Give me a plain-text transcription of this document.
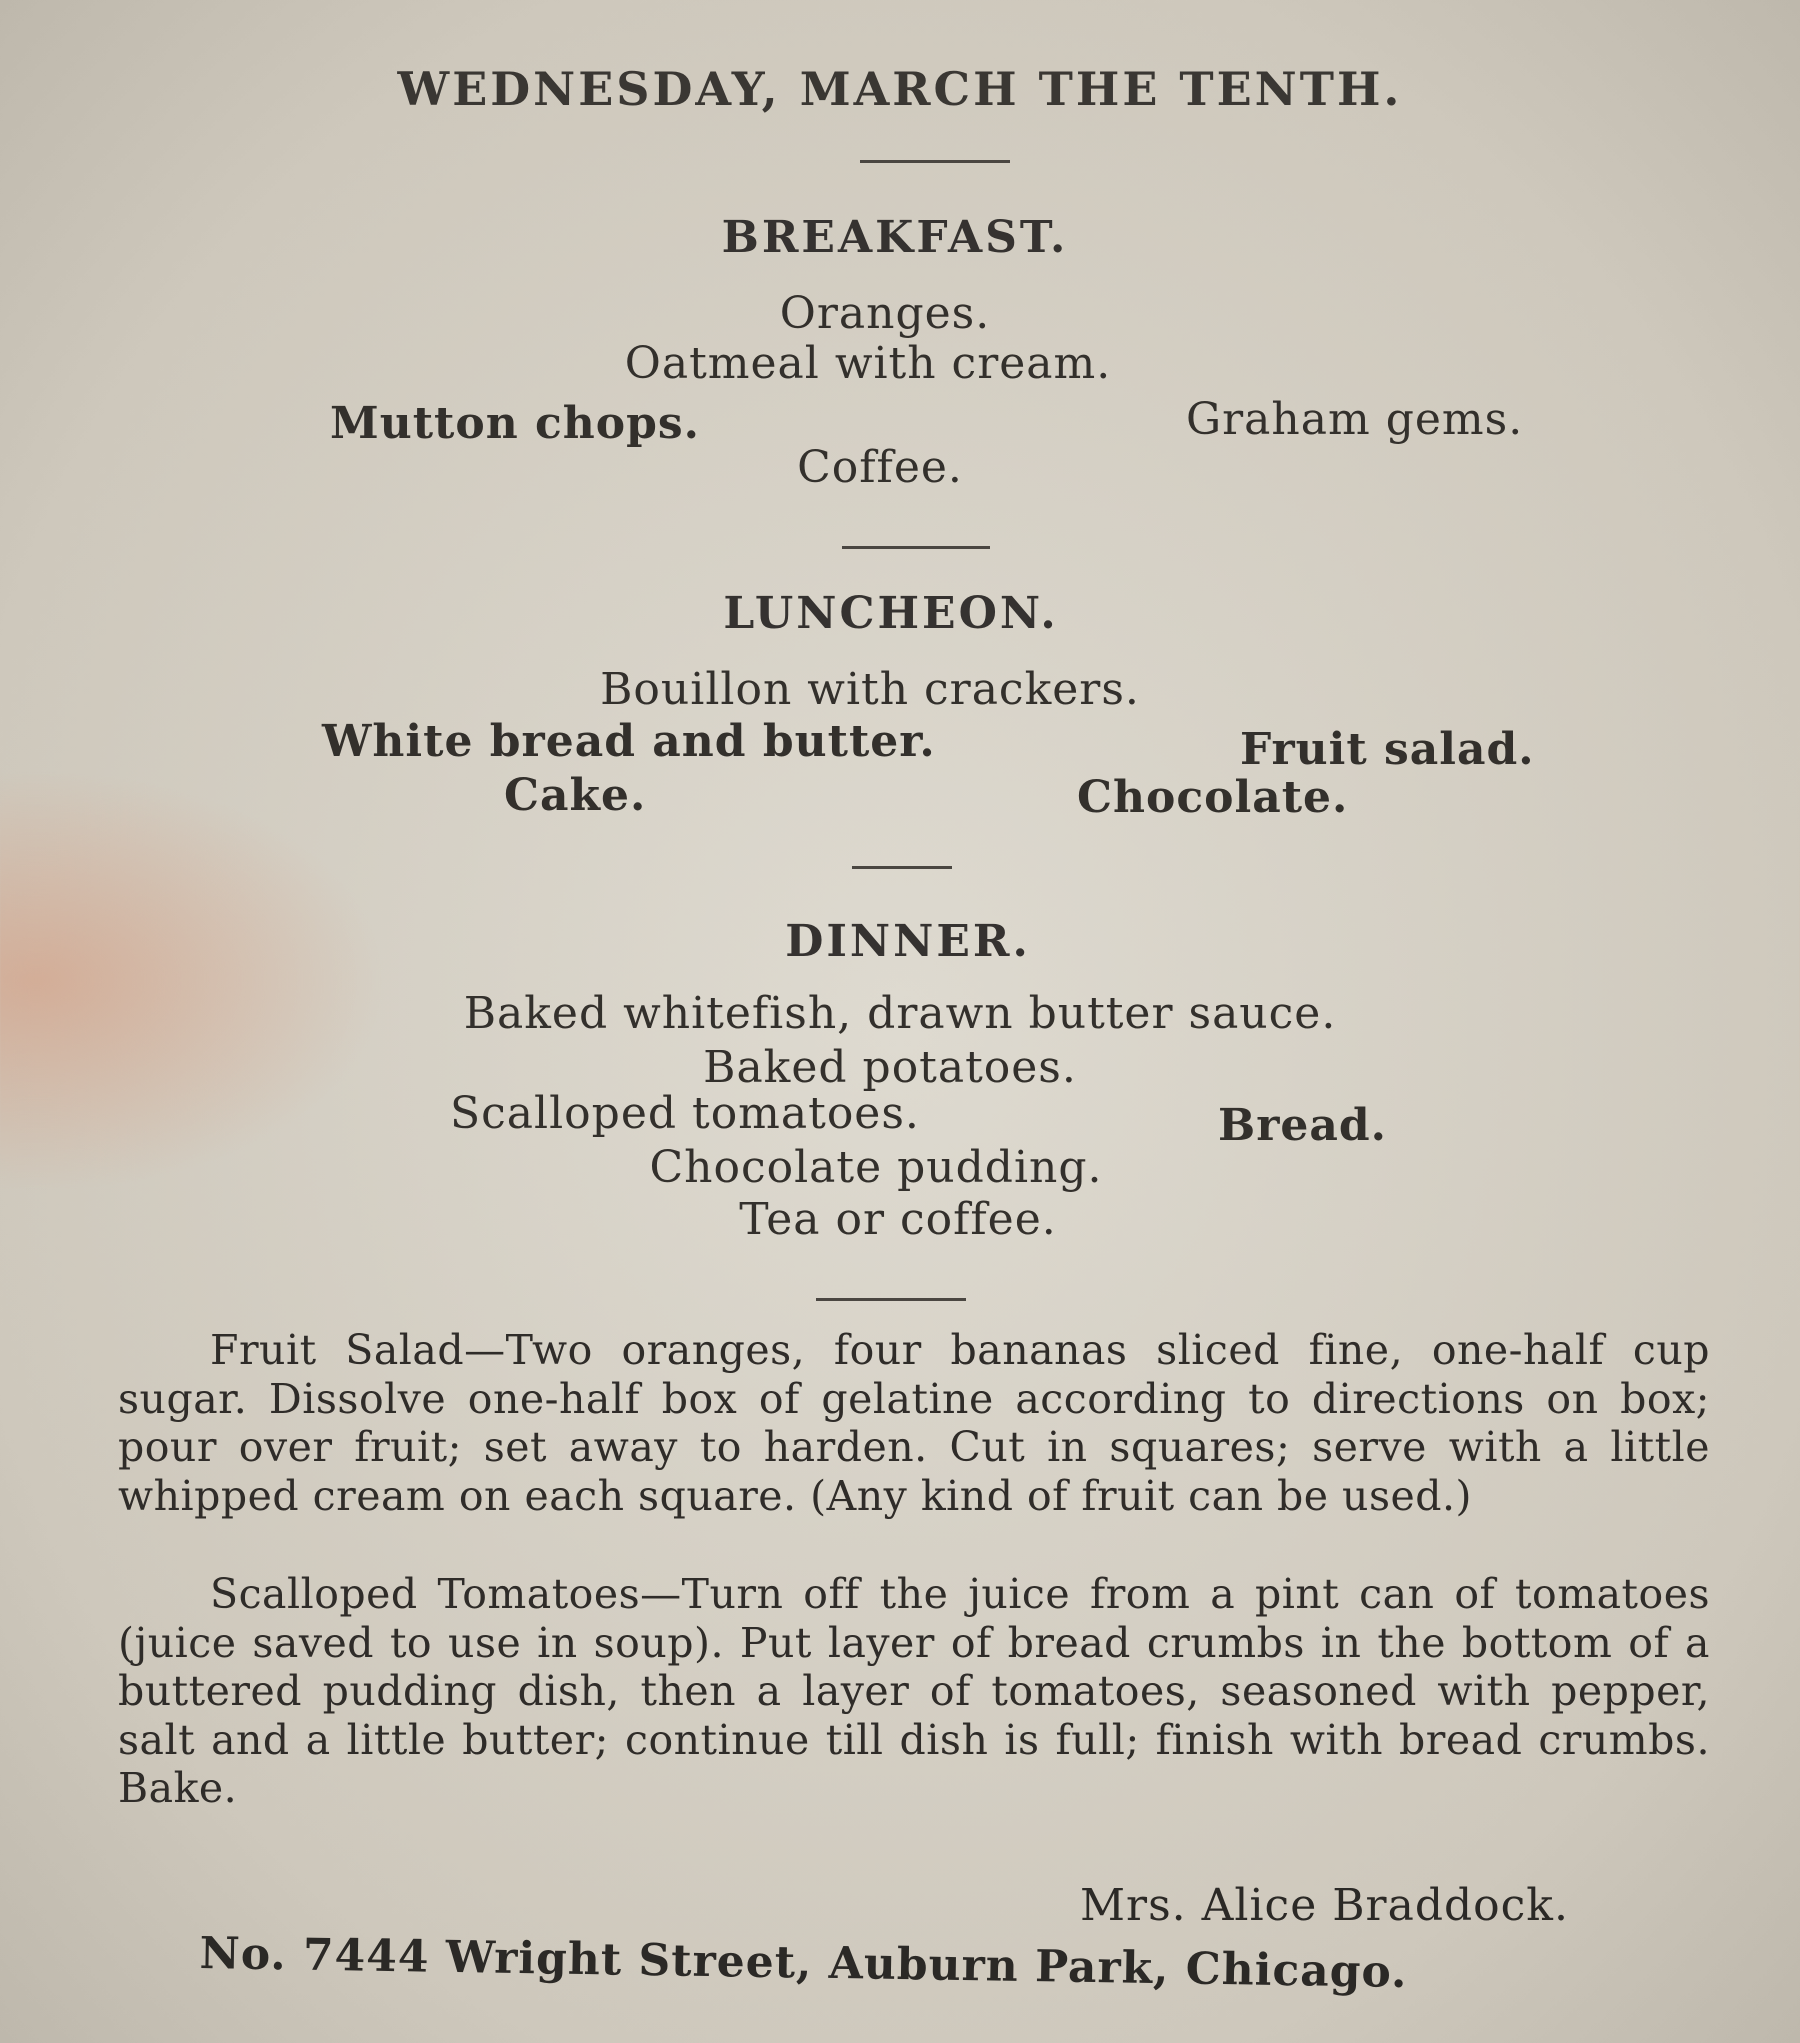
WEDNESDAY, MARCH THE TENTH.
BREAKFAST.
Oranges.
Oatmeal with cream.
Mutton chops.	Graham gems.
Coffee.
LUNCHEON.
Bouillon with crackers.
White bread and butter.	Fruit salad.
Cake.	Chocolate.
DINNER.
Baked whitefish, drawn butter sauce.
Baked potatoes.
Scalloped tomatoes.	Bread.
Chocolate pudding.
Tea or coffee.
Fruit Salad—Two oranges, four bananas sliced fine, one-half cup sugar. Dissolve one-half box of gelatine according to directions on box; pour over fruit; set away to harden. Cut in squares; serve with a little whipped cream on each square. (Any kind of fruit can be used.)
Scalloped Tomatoes—Turn off the juice from a pint can of tomatoes (juice saved to use in soup). Put layer of bread crumbs in the bottom of a buttered pudding dish, then a layer of tomatoes, seasoned with pepper, salt and a little butter; continue till dish is full; finish with bread crumbs. Bake.
Mrs. Alice Braddock.
No. 7444 Wright Street, Auburn Park, Chicago.
